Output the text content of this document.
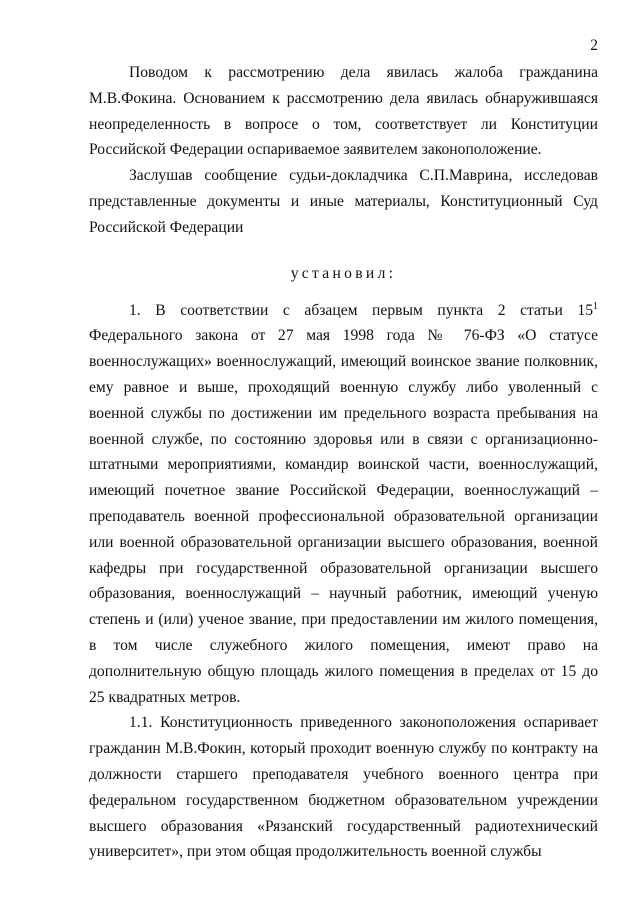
2

Поводом к рассмотрению дела явилась жалоба гражданина М.В.Фокина. Основанием к рассмотрению дела явилась обнаружившаяся неопределенность в вопросе о том, соответствует ли Конституции Российской Федерации оспариваемое заявителем законоположение.

Заслушав сообщение судьи-докладчика С.П.Маврина, исследовав представленные документы и иные материалы, Конституционный Суд Российской Федерации

установил:

1. В соответствии с абзацем первым пункта 2 статьи $15^1$ Федерального закона от 27 мая 1998 года № 76-ФЗ «О статусе военнослужащих» военнослужащий, имеющий воинское звание полковник, ему равное и выше, проходящий военную службу либо уволенный с военной службы по достижении им предельного возраста пребывания на военной службе, по состоянию здоровья или в связи с организационно-штатными мероприятиями, командир воинской части, военнослужащий, имеющий почетное звание Российской Федерации, военнослужащий – преподаватель военной профессиональной образовательной организации или военной образовательной организации высшего образования, военной кафедры при государственной образовательной организации высшего образования, военнослужащий – научный работник, имеющий ученую степень и (или) ученое звание, при предоставлении им жилого помещения, в том числе служебного жилого помещения, имеют право на дополнительную общую площадь жилого помещения в пределах от 15 до 25 квадратных метров.

1.1. Конституционность приведенного законоположения оспаривает гражданин М.В.Фокин, который проходит военную службу по контракту на должности старшего преподавателя учебного военного центра при федеральном государственном бюджетном образовательном учреждении высшего образования «Рязанский государственный радиотехнический университет», при этом общая продолжительность военной службы
